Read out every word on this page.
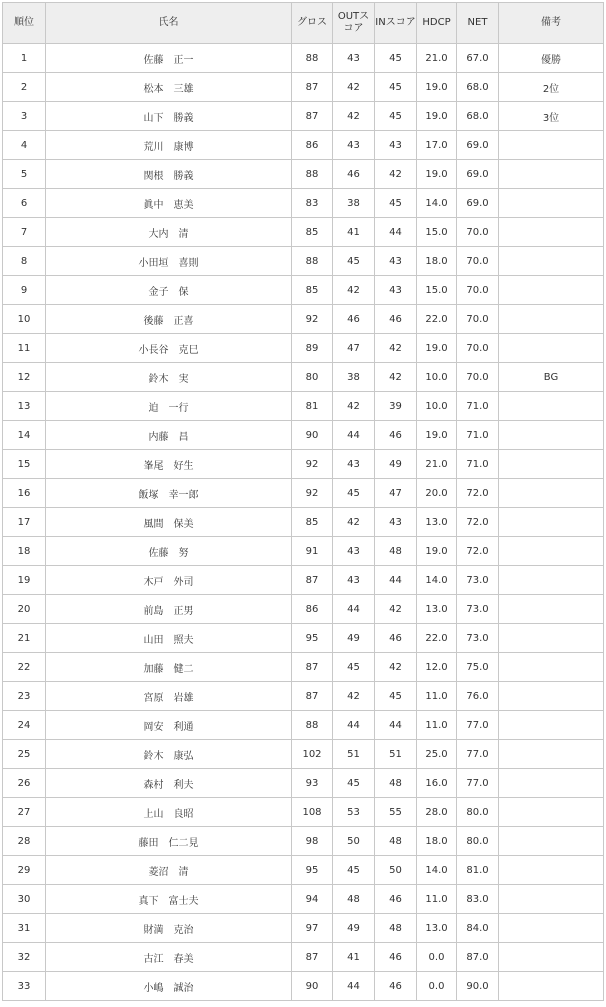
順位	氏名	グロス	OUTスコア	INスコア	HDCP	NET	備考
1	佐藤　正一	88	43	45	21.0	67.0	優勝
2	松本　三雄	87	42	45	19.0	68.0	2位
3	山下　勝義	87	42	45	19.0	68.0	3位
4	荒川　康博	86	43	43	17.0	69.0	
5	関根　勝義	88	46	42	19.0	69.0	
6	眞中　恵美	83	38	45	14.0	69.0	
7	大内　清	85	41	44	15.0	70.0	
8	小田垣　喜則	88	45	43	18.0	70.0	
9	金子　保	85	42	43	15.0	70.0	
10	後藤　正喜	92	46	46	22.0	70.0	
11	小長谷　克巳	89	47	42	19.0	70.0	
12	鈴木　実	80	38	42	10.0	70.0	BG
13	迫　一行	81	42	39	10.0	71.0	
14	内藤　昌	90	44	46	19.0	71.0	
15	峯尾　好生	92	43	49	21.0	71.0	
16	飯塚　幸一郎	92	45	47	20.0	72.0	
17	風間　保美	85	42	43	13.0	72.0	
18	佐藤　努	91	43	48	19.0	72.0	
19	木戸　外司	87	43	44	14.0	73.0	
20	前島　正男	86	44	42	13.0	73.0	
21	山田　照夫	95	49	46	22.0	73.0	
22	加藤　健二	87	45	42	12.0	75.0	
23	宮原　岩雄	87	42	45	11.0	76.0	
24	岡安　利通	88	44	44	11.0	77.0	
25	鈴木　康弘	102	51	51	25.0	77.0	
26	森村　利夫	93	45	48	16.0	77.0	
27	上山　良昭	108	53	55	28.0	80.0	
28	藤田　仁二見	98	50	48	18.0	80.0	
29	菱沼　清	95	45	50	14.0	81.0	
30	真下　富士夫	94	48	46	11.0	83.0	
31	財満　克治	97	49	48	13.0	84.0	
32	古江　春美	87	41	46	0.0	87.0	
33	小嶋　誠治	90	44	46	0.0	90.0	
